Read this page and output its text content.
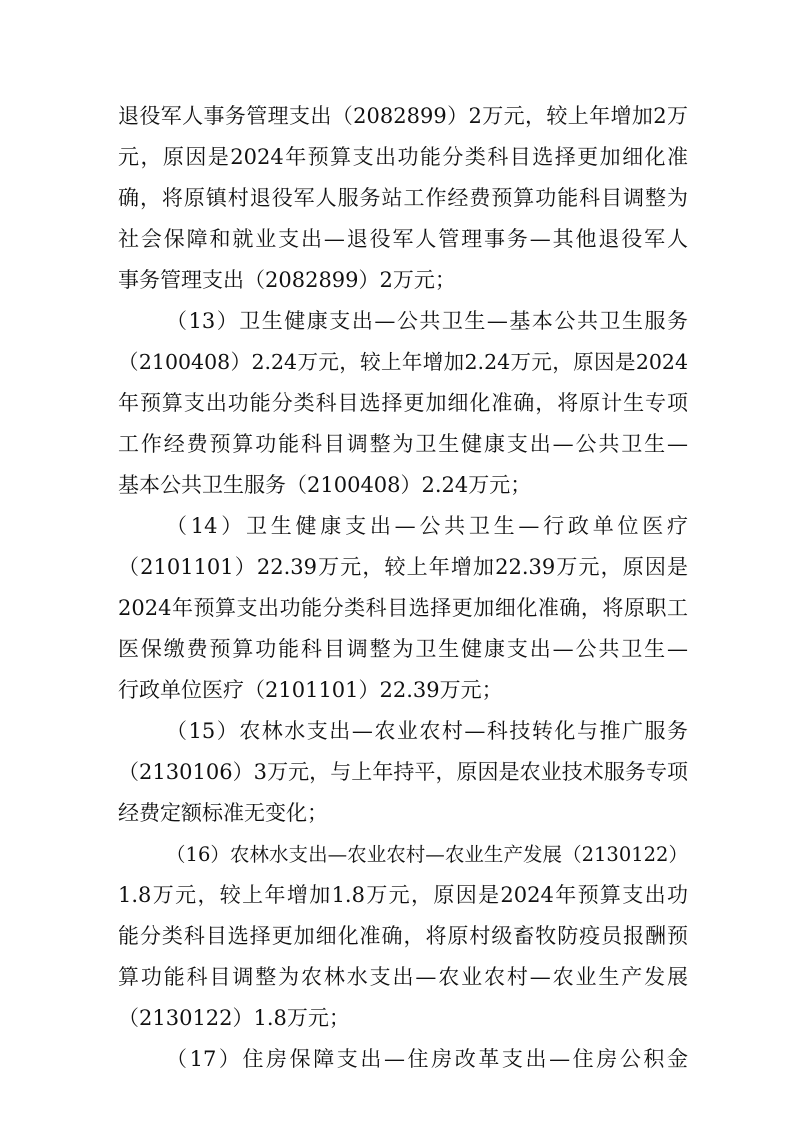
退役军人事务管理支出（2082899）2万元，较上年增加2万
元，原因是2024年预算支出功能分类科目选择更加细化准
确，将原镇村退役军人服务站工作经费预算功能科目调整为
社会保障和就业支出—退役军人管理事务—其他退役军人
事务管理支出（2082899）2万元；
（13）卫生健康支出—公共卫生—基本公共卫生服务
（2100408）2.24万元，较上年增加2.24万元，原因是2024
年预算支出功能分类科目选择更加细化准确，将原计生专项
工作经费预算功能科目调整为卫生健康支出—公共卫生—
基本公共卫生服务（2100408）2.24万元；
（14）卫生健康支出—公共卫生—行政单位医疗
（2101101）22.39万元，较上年增加22.39万元，原因是
2024年预算支出功能分类科目选择更加细化准确，将原职工
医保缴费预算功能科目调整为卫生健康支出—公共卫生—
行政单位医疗（2101101）22.39万元；
（15）农林水支出—农业农村—科技转化与推广服务
（2130106）3万元，与上年持平，原因是农业技术服务专项
经费定额标准无变化；
（16）农林水支出—农业农村—农业生产发展（2130122）
1.8万元，较上年增加1.8万元，原因是2024年预算支出功
能分类科目选择更加细化准确，将原村级畜牧防疫员报酬预
算功能科目调整为农林水支出—农业农村—农业生产发展
（2130122）1.8万元；
（17）住房保障支出—住房改革支出—住房公积金
